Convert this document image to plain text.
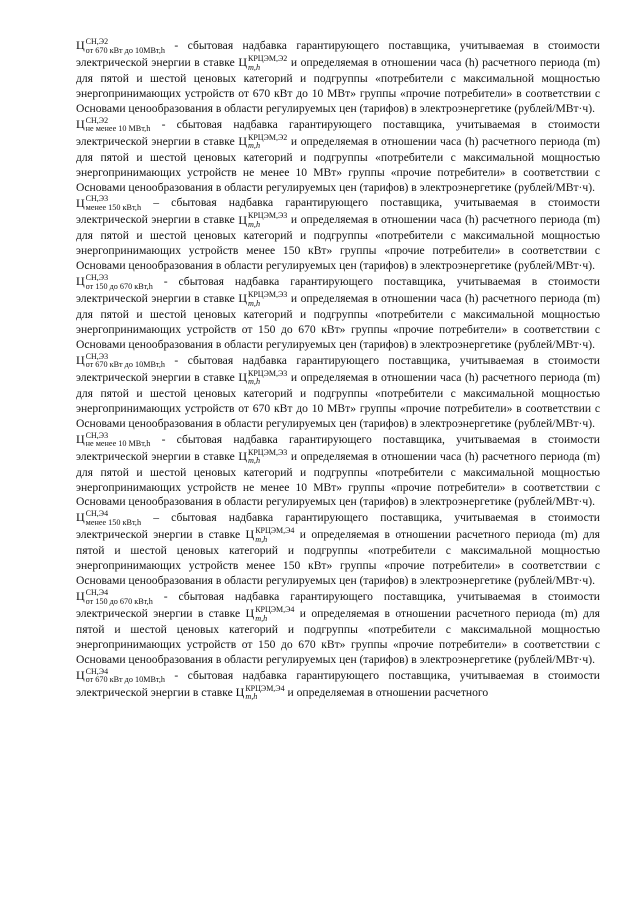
Ц СН,Э2
от 670 кВт до 10МВт,h - сбытовая надбавка гарантирующего поставщика, учитываемая в стоимости электрической энергии в ставке Ц КРЦЭМ,Э2
m,h	и определяемая в отношении часа (h) расчетного периода (m) для пятой и шестой ценовых категорий и подгруппы «потребители с максимальной мощностью энергопринимающих устройств от 670 кВт до 10 МВт» группы «прочие потребители» в соответствии с Основами ценообразования в области регулируемых цен (тарифов) в электроэнергетике (рублей/МВт·ч).

Ц СН,Э2
не менее 10 МВт,h - сбытовая надбавка гарантирующего поставщика, учитываемая в стоимости электрической энергии в ставке Ц КРЦЭМ,Э2
m,h	и определяемая в отношении часа (h) расчетного периода (m) для пятой и шестой ценовых категорий и подгруппы «потребители с максимальной мощностью энергопринимающих устройств не менее 10 МВт» группы «прочие потребители» в соответствии с Основами ценообразования в области регулируемых цен (тарифов) в электроэнергетике (рублей/МВт·ч).

Ц СН,Э3
менее 150 кВт,h – сбытовая надбавка гарантирующего поставщика, учитываемая в стоимости электрической энергии в ставке Ц КРЦЭМ,Э3
m,h	и определяемая в отношении часа (h) расчетного периода (m) для пятой и шестой ценовых категорий и подгруппы «потребители с максимальной мощностью энергопринимающих устройств менее 150 кВт» группы «прочие потребители» в соответствии с Основами ценообразования в области регулируемых цен (тарифов) в электроэнергетике (рублей/МВт·ч).

Ц СН,Э3
от 150 до 670 кВт,h - сбытовая надбавка гарантирующего поставщика, учитываемая в стоимости электрической энергии в ставке Ц КРЦЭМ,Э3
m,h	и определяемая в отношении часа (h) расчетного периода (m) для пятой и шестой ценовых категорий и подгруппы «потребители с максимальной мощностью энергопринимающих устройств от 150 до 670 кВт» группы «прочие потребители» в соответствии с Основами ценообразования в области регулируемых цен (тарифов) в электроэнергетике (рублей/МВт·ч).

Ц СН,Э3
от 670 кВт до 10МВт,h - сбытовая надбавка гарантирующего поставщика, учитываемая в стоимости электрической энергии в ставке Ц КРЦЭМ,Э3
m,h	и определяемая в отношении часа (h) расчетного периода (m) для пятой и шестой ценовых категорий и подгруппы «потребители с максимальной мощностью энергопринимающих устройств от 670 кВт до 10 МВт» группы «прочие потребители» в соответствии с Основами ценообразования в области регулируемых цен (тарифов) в электроэнергетике (рублей/МВт·ч).

Ц СН,Э3
не менее 10 МВт,h - сбытовая надбавка гарантирующего поставщика, учитываемая в стоимости электрической энергии в ставке Ц КРЦЭМ,Э3
m,h	и определяемая в отношении часа (h) расчетного периода (m) для пятой и шестой ценовых категорий и подгруппы «потребители с максимальной мощностью энергопринимающих устройств не менее 10 МВт» группы «прочие потребители» в соответствии с Основами ценообразования в области регулируемых цен (тарифов) в электроэнергетике (рублей/МВт·ч).

Ц СН,Э4
менее 150 кВт,h – сбытовая надбавка гарантирующего поставщика, учитываемая в стоимости электрической энергии в ставке Ц КРЦЭМ,Э4
m,h	и определяемая в отношении расчетного периода (m) для пятой и шестой ценовых категорий и подгруппы «потребители с максимальной мощностью энергопринимающих устройств менее 150 кВт» группы «прочие потребители» в соответствии с Основами ценообразования в области регулируемых цен (тарифов) в электроэнергетике (рублей/МВт·ч).

Ц СН,Э4
от 150 до 670 кВт,h - сбытовая надбавка гарантирующего поставщика, учитываемая в стоимости электрической энергии в ставке Ц КРЦЭМ,Э4
m,h	и определяемая в отношении расчетного периода (m) для пятой и шестой ценовых категорий и подгруппы «потребители с максимальной мощностью энергопринимающих устройств от 150 до 670 кВт» группы «прочие потребители» в соответствии с Основами ценообразования в области регулируемых цен (тарифов) в электроэнергетике (рублей/МВт·ч).

Ц СН,Э4
от 670 кВт до 10МВт,h - сбытовая надбавка гарантирующего поставщика, учитываемая в стоимости электрической энергии в ставке Ц КРЦЭМ,Э4
m,h	и определяемая в отношении расчетного
